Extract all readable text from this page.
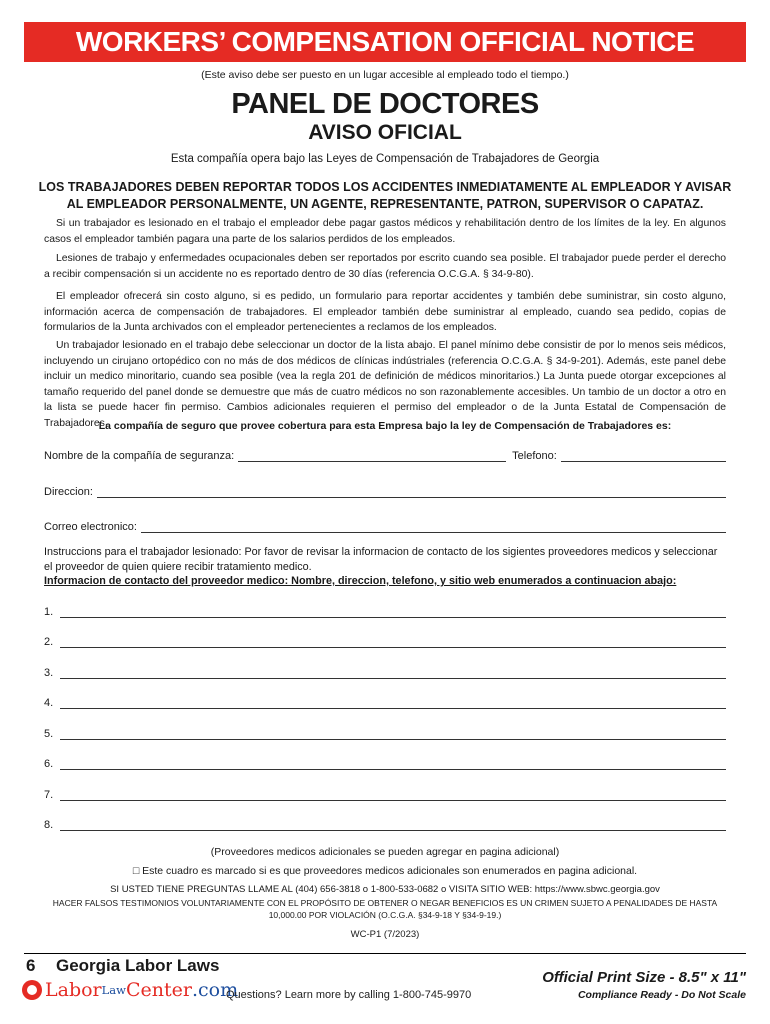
WORKERS’ COMPENSATION OFFICIAL NOTICE
(Este aviso debe ser puesto en un lugar accesible al empleado todo el tiempo.)
PANEL DE DOCTORES
AVISO OFICIAL
Esta compañía opera bajo las Leyes de Compensación de Trabajadores de Georgia
LOS TRABAJADORES DEBEN REPORTAR TODOS LOS ACCIDENTES INMEDIATAMENTE AL EMPLEADOR Y AVISAR
AL EMPLEADOR PERSONALMENTE, UN AGENTE, REPRESENTANTE, PATRON, SUPERVISOR O CAPATAZ.
Si un trabajador es lesionado en el trabajo el empleador debe pagar gastos médicos y rehabilitación dentro de los límites de la ley. En algunos casos el empleador también pagara una parte de los salarios perdidos de los empleados.
Lesiones de trabajo y enfermedades ocupacionales deben ser reportados por escrito cuando sea posible. El trabajador puede perder el derecho a recibir compensación si un accidente no es reportado dentro de 30 días (referencia O.C.G.A. § 34-9-80).
El empleador ofrecerá sin costo alguno, si es pedido, un formulario para reportar accidentes y también debe suministrar, sin costo alguno, información acerca de compensación de trabajadores. El empleador también debe suministrar al empleado, cuando sea pedido, copias de formularios de la Junta archivados con el empleador pertenecientes a reclamos de los empleados.
Un trabajador lesionado en el trabajo debe seleccionar un doctor de la lista abajo. El panel mínimo debe consistir de por lo menos seis médicos, incluyendo un cirujano ortopédico con no más de dos médicos de clínicas indústriales (referencia O.C.G.A. § 34-9-201). Además, este panel debe incluir un medico minoritario, cuando sea posible (vea la regla 201 de definición de médicos minoritarios.) La Junta puede otorgar excepciones al tamaño requerido del panel donde se demuestre que más de cuatro médicos no son razonablemente accesibles. Un tambio de un doctor a otro en la lista se puede hacer fin permiso. Cambios adicionales requieren el permiso del empleador o de la Junta Estatal de Compensación de Trabajadores.
La compañía de seguro que provee cobertura para esta Empresa bajo la ley de Compensación de Trabajadores es:
Nombre de la compañía de seguranza:	Telefono:
Direccion:
Correo electronico:
Instruccions para el trabajador lesionado: Por favor de revisar la informacion de contacto de los sigientes proveedores medicos y seleccionar el proveedor de quien quiere recibir tratamiento medico.
Informacion de contacto del proveedor medico: Nombre, direccion, telefono, y sitio web enumerados a continuacion abajo:
1.
2.
3.
4.
5.
6.
7.
8.
(Proveedores medicos adicionales se pueden agregar en pagina adicional)
□ Este cuadro es marcado si es que proveedores medicos adicionales son enumerados en pagina adicional.
SI USTED TIENE PREGUNTAS LLAME AL (404) 656-3818 o 1-800-533-0682 o VISITA SITIO WEB: https://www.sbwc.georgia.gov
HACER FALSOS TESTIMONIOS VOLUNTARIAMENTE CON EL PROPÓSITO DE OBTENER O NEGAR BENEFICIOS ES UN CRIMEN SUJETO A PENALIDADES DE HASTA
10,000.00 POR VIOLACIÓN (O.C.G.A. §34-9-18 Y §34-9-19.)
WC-P1 (7/2023)
6 Georgia Labor Laws
Labor Law Center .com
Questions? Learn more by calling 1-800-745-9970
Official Print Size - 8.5" x 11"
Compliance Ready - Do Not Scale
